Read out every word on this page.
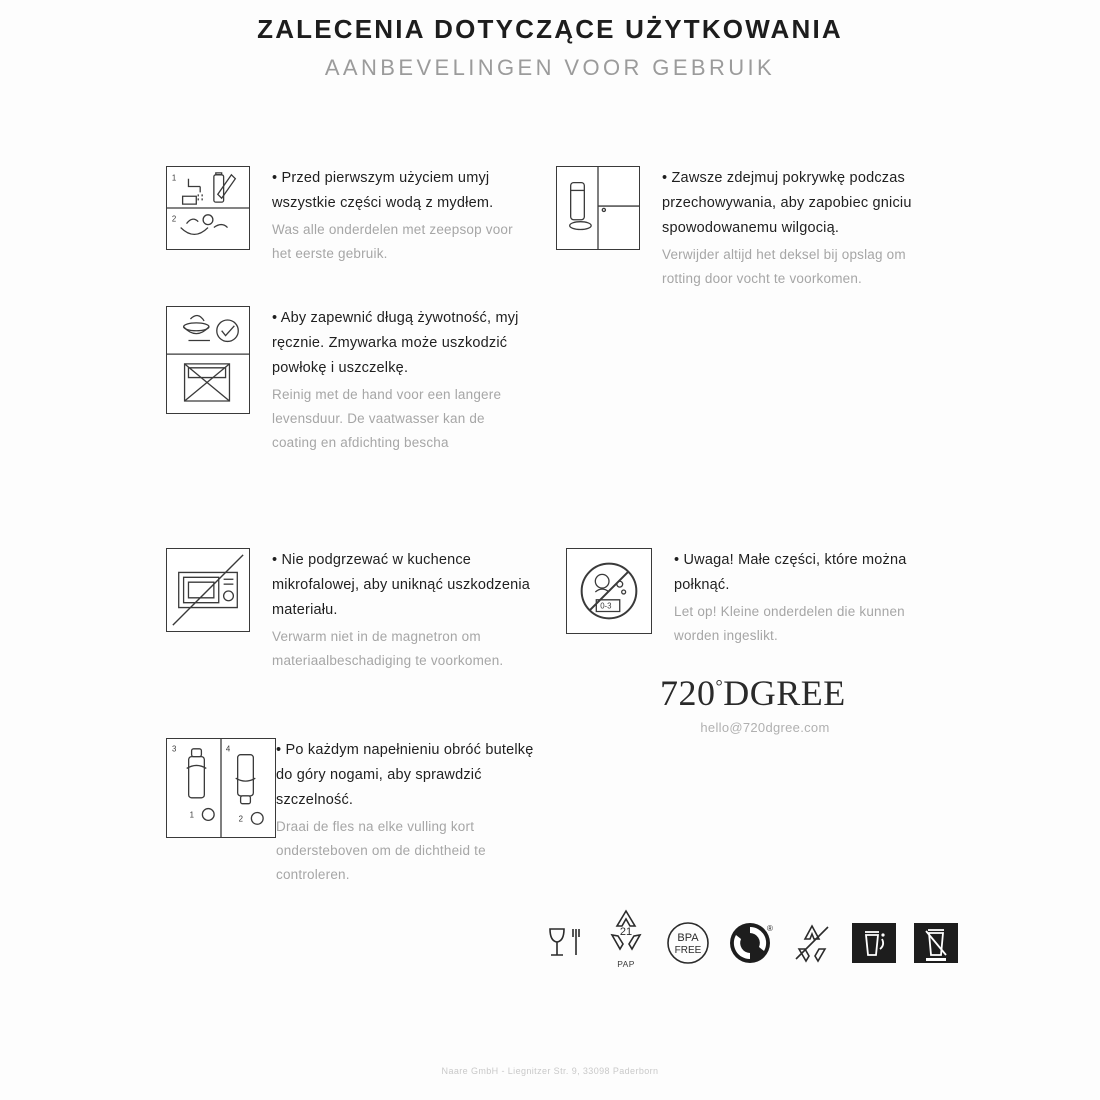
ZALECENIA DOTYCZĄCE UŻYTKOWANIA
AANBEVELINGEN VOOR GEBRUIK
1
2
• Przed pierwszym użyciem umyj wszystkie części wodą z mydłem.
Was alle onderdelen met zeepsop voor het eerste gebruik.
• Aby zapewnić długą żywotność, myj ręcznie. Zmywarka może uszkodzić powłokę i uszczelkę.
Reinig met de hand voor een langere levensduur. De vaatwasser kan de coating en afdichting bescha
• Nie podgrzewać w kuchence mikrofalowej, aby uniknąć uszkodzenia materiału.
Verwarm niet in de magnetron om materiaalbeschadiging te voorkomen.
3	4
1	2
• Po każdym napełnieniu obróć butelkę do góry nogami, aby sprawdzić szczelność.
Draai de fles na elke vulling kort ondersteboven om de dichtheid te controleren.
• Zawsze zdejmuj pokrywkę podczas przechowywania, aby zapobiec gniciu spowodowanemu wilgocią.
Verwijder altijd het deksel bij opslag om rotting door vocht te voorkomen.
0-3
• Uwaga! Małe części, które można połknąć.
Let op! Kleine onderdelen die kunnen worden ingeslikt.
720°DGREE
hello@720dgree.com
21
PAP
BPA
FREE
®
Naare GmbH - Liegnitzer Str. 9, 33098 Paderborn
